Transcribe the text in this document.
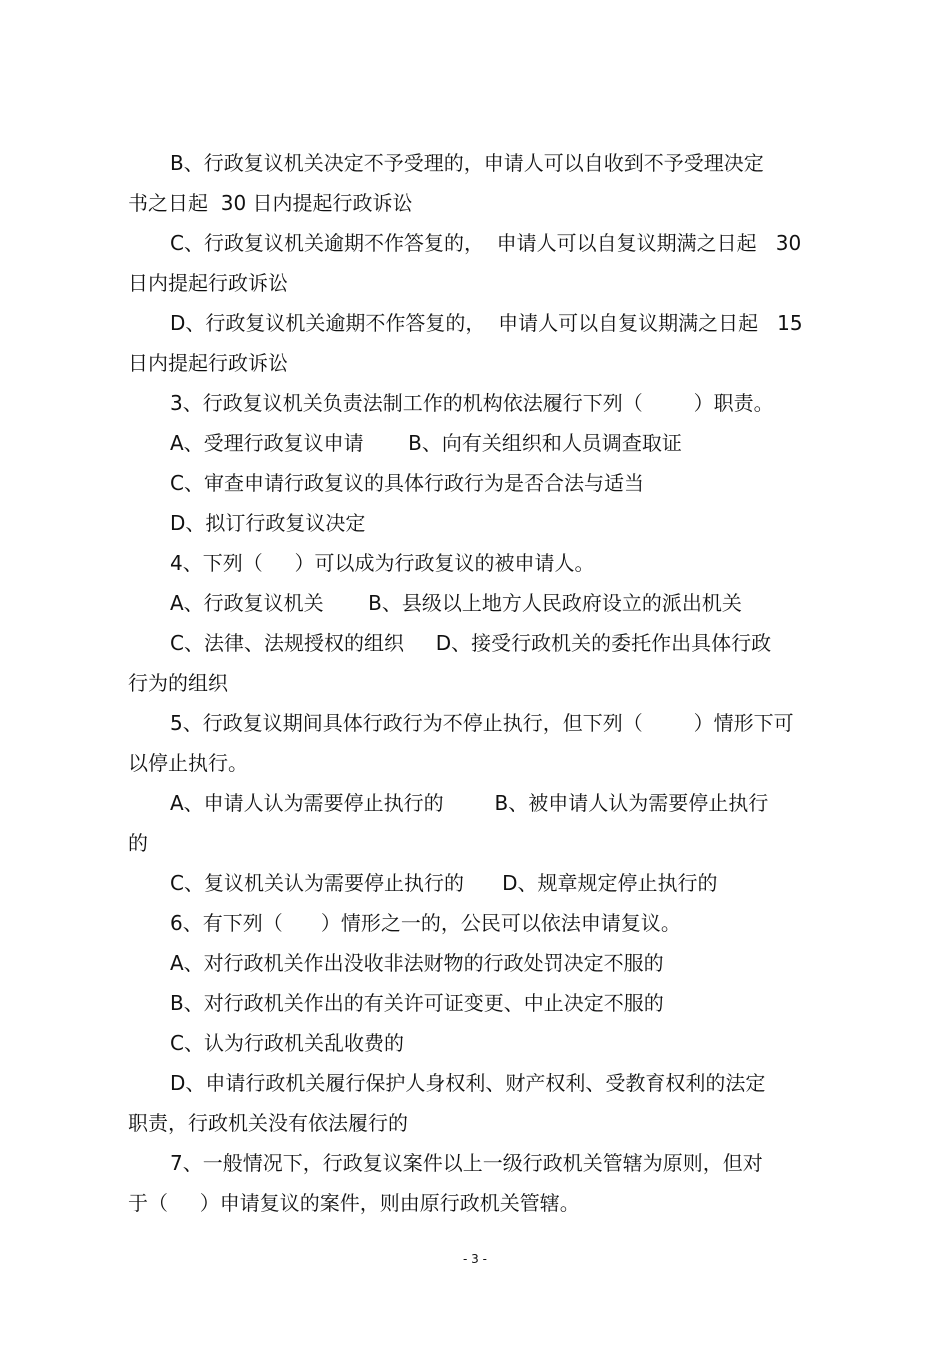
B、行政复议机关决定不予受理的，申请人可以自收到不予受理决定

书之日起  30 日内提起行政诉讼

C、行政复议机关逾期不作答复的，  申请人可以自复议期满之日起   30

日内提起行政诉讼

D、行政复议机关逾期不作答复的，  申请人可以自复议期满之日起   15

日内提起行政诉讼

3、行政复议机关负责法制工作的机构依法履行下列（        ）职责。

A、受理行政复议申请       B、向有关组织和人员调查取证

C、审查申请行政复议的具体行政行为是否合法与适当

D、拟订行政复议决定

4、下列（     ）可以成为行政复议的被申请人。

A、行政复议机关       B、县级以上地方人民政府设立的派出机关

C、法律、法规授权的组织     D、接受行政机关的委托作出具体行政

行为的组织

5、行政复议期间具体行政行为不停止执行，但下列（        ）情形下可

以停止执行。

A、申请人认为需要停止执行的        B、被申请人认为需要停止执行

的

C、复议机关认为需要停止执行的      D、规章规定停止执行的

6、有下列（      ）情形之一的，公民可以依法申请复议。

A、对行政机关作出没收非法财物的行政处罚决定不服的

B、对行政机关作出的有关许可证变更、中止决定不服的

C、认为行政机关乱收费的

D、申请行政机关履行保护人身权利、财产权利、受教育权利的法定

职责，行政机关没有依法履行的

7、一般情况下，行政复议案件以上一级行政机关管辖为原则，但对

于（     ）申请复议的案件，则由原行政机关管辖。

- 3 -
